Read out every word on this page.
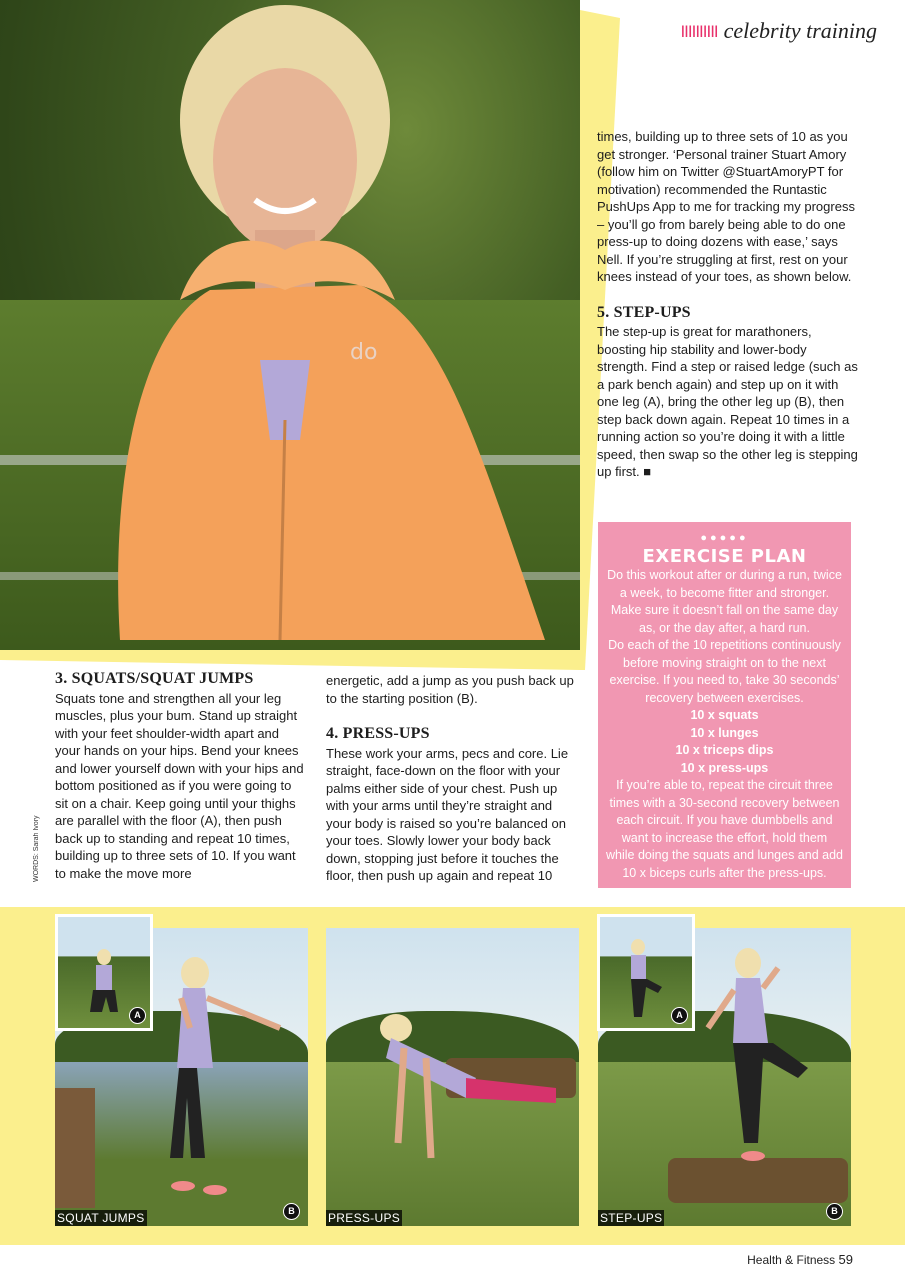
do
IIIIIIIIII celebrity training

times, building up to three sets of 10 as you get stronger. ‘Personal trainer Stuart Amory (follow him on Twitter @StuartAmoryPT for motivation) recommended the Runtastic PushUps App to me for tracking my progress – you’ll go from barely being able to do one press-up to doing dozens with ease,’ says Nell. If you’re struggling at first, rest on your knees instead of your toes, as shown below.

5. STEP-UPS

The step-up is great for marathoners, boosting hip stability and lower-body strength. Find a step or raised ledge (such as a park bench again) and step up on it with one leg (A), bring the other leg up (B), then step back down again. Repeat 10 times in a running action so you’re doing it with a little speed, then swap so the other leg is stepping up first. ■

●●●●●
EXERCISE PLAN
Do this workout after or during a run, twice a week, to become fitter and stronger. Make sure it doesn’t fall on the same day as, or the day after, a hard run.
Do each of the 10 repetitions continuously before moving straight on to the next exercise. If you need to, take 30 seconds’ recovery between exercises.
10 x squats
10 x lunges
10 x triceps dips
10 x press-ups
If you’re able to, repeat the circuit three times with a 30-second recovery between each circuit. If you have dumbbells and want to increase the effort, hold them while doing the squats and lunges and add 10 x biceps curls after the press-ups.
WORDS: Sarah Ivory
3. SQUATS/SQUAT JUMPS

Squats tone and strengthen all your leg muscles, plus your bum. Stand up straight with your feet shoulder-width apart and your hands on your hips. Bend your knees and lower yourself down with your hips and bottom positioned as if you were going to sit on a chair. Keep going until your thighs are parallel with the floor (A), then push back up to standing and repeat 10 times, building up to three sets of 10. If you want to make the move more

energetic, add a jump as you push back up to the starting position (B).

4. PRESS-UPS

These work your arms, pecs and core. Lie straight, face-down on the floor with your palms either side of your chest. Push up with your arms until they’re straight and your body is raised so you’re balanced on your toes. Slowly lower your body back down, stopping just before it touches the floor, then push up again and repeat 10

SQUAT JUMPS	B
A
PRESS-UPS	STEP-UPS	B
A
Health & Fitness 59
